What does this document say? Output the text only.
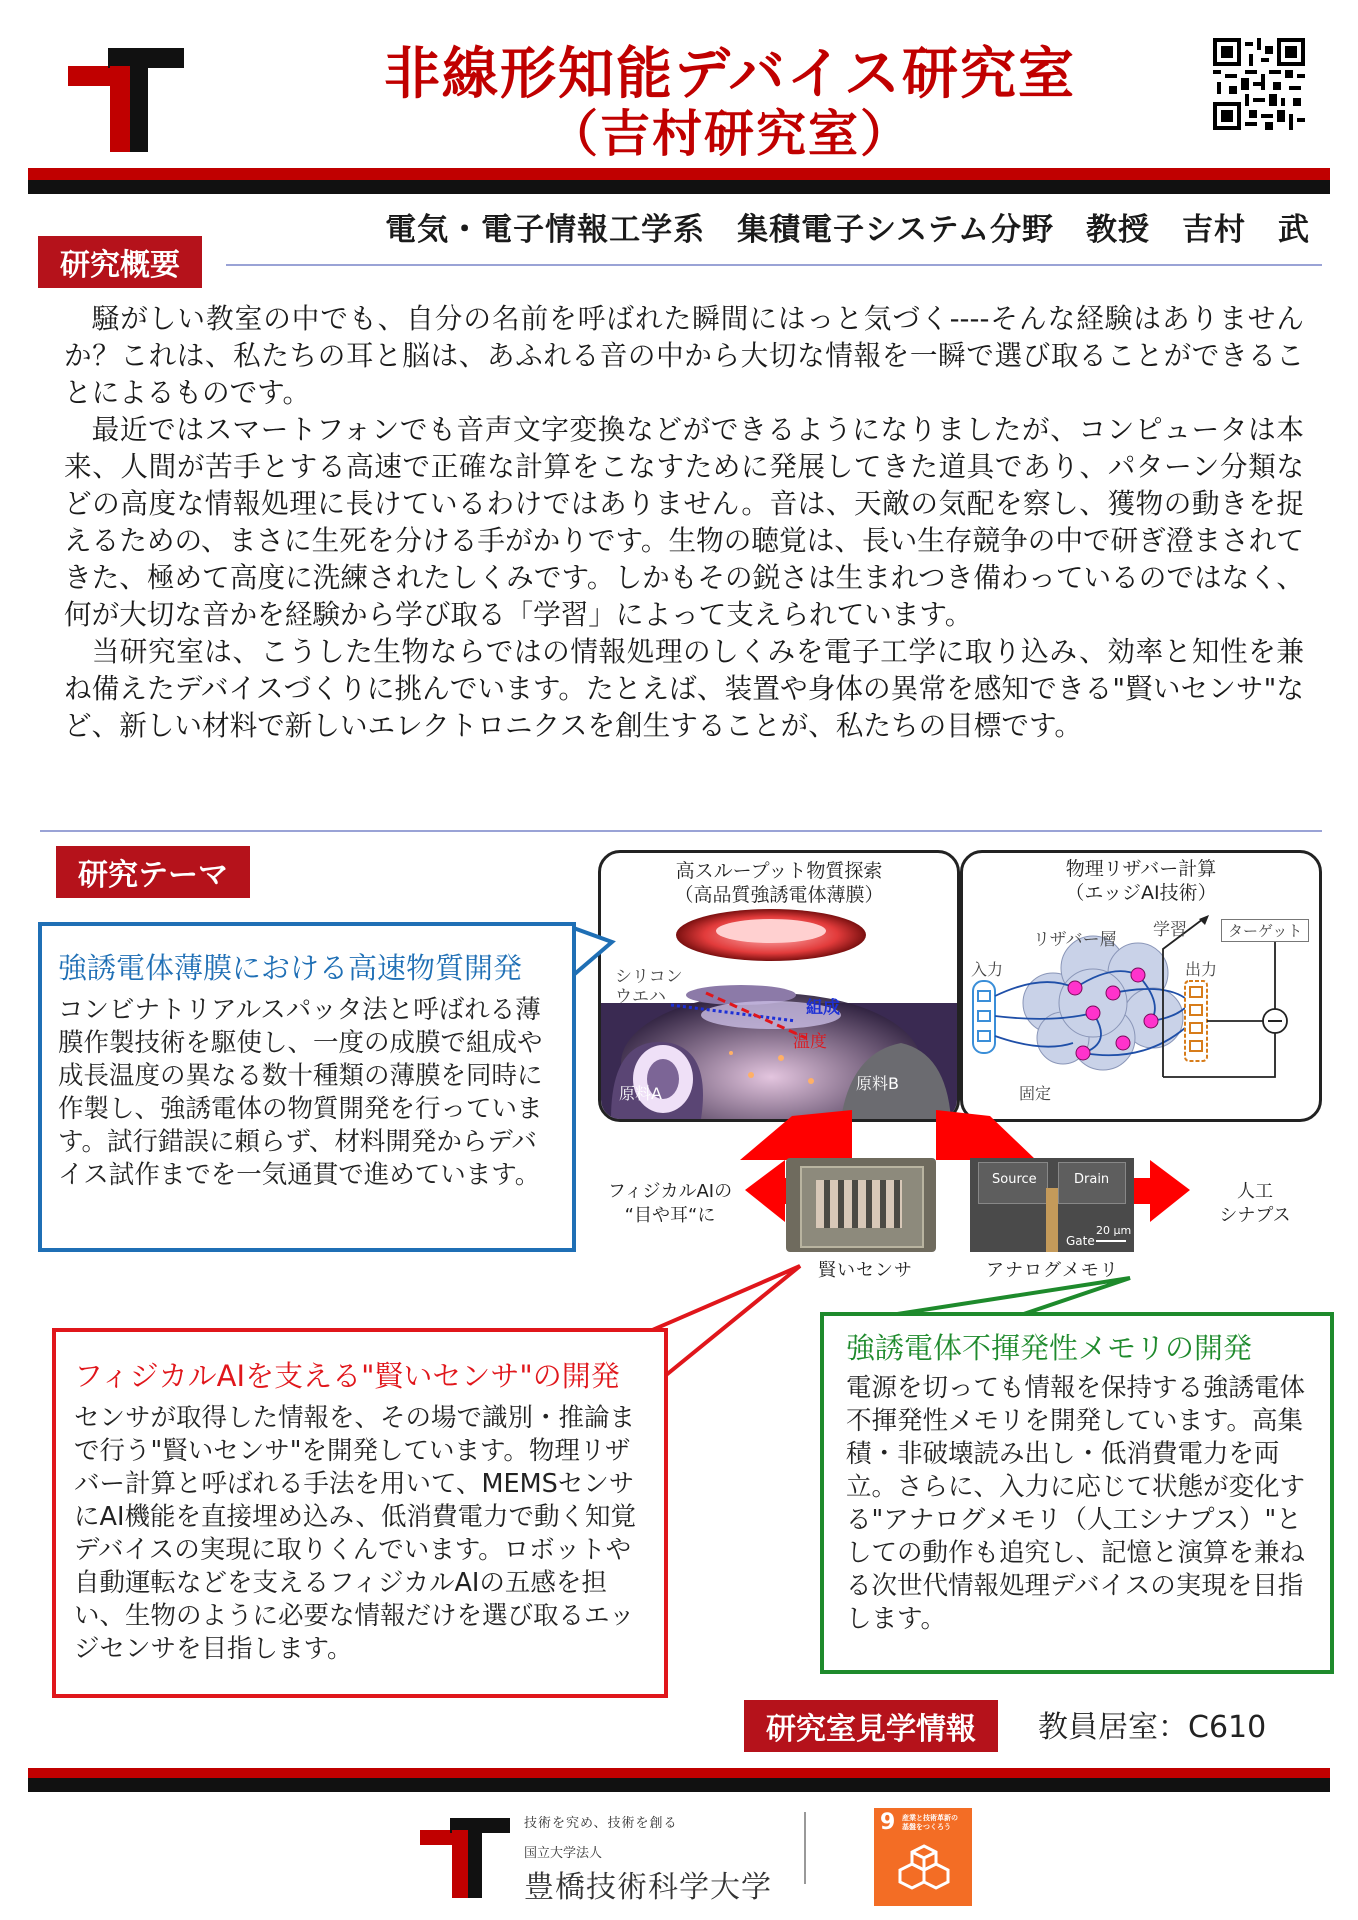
非線形知能デバイス研究室
（吉村研究室）
電気・電子情報工学系　集積電子システム分野　教授　吉村　武
研究概要

騒がしい教室の中でも、自分の名前を呼ばれた瞬間にはっと気づく----そんな経験はありませんか？これは、私たちの耳と脳は、あふれる音の中から大切な情報を一瞬で選び取ることができることによるものです。

最近ではスマートフォンでも音声文字変換などができるようになりましたが、コンピュータは本来、人間が苦手とする高速で正確な計算をこなすために発展してきた道具であり、パターン分類などの高度な情報処理に長けているわけではありません。音は、天敵の気配を察し、獲物の動きを捉えるための、まさに生死を分ける手がかりです。生物の聴覚は、長い生存競争の中で研ぎ澄まされてきた、極めて高度に洗練されたしくみです。しかもその鋭さは生まれつき備わっているのではなく、何が大切な音かを経験から学び取る「学習」によって支えられています。

当研究室は、こうした生物ならではの情報処理のしくみを電子工学に取り込み、効率と知性を兼ね備えたデバイスづくりに挑んでいます。たとえば、装置や身体の異常を感知できる"賢いセンサ"など、新しい材料で新しいエレクトロニクスを創生することが、私たちの目標です。

研究テーマ	高スループット物質探索
（高品質強誘電体薄膜）
シリコン
ウエハ
組成
温度
原料A
原料B
物理リザバー計算
（エッジAI技術）
リザバー層 学習	ターゲット
入力	出力
固定
Source	Drain
Gate
20 µm
フィジカルAIの
“目や耳“に
人工
シナプス
賢いセンサ	アナログメモリ
強誘電体薄膜における高速物質開発
コンビナトリアルスパッタ法と呼ばれる薄膜作製技術を駆使し、一度の成膜で組成や成長温度の異なる数十種類の薄膜を同時に作製し、強誘電体の物質開発を行っています。試行錯誤に頼らず、材料開発からデバイス試作までを一気通貫で進めています。
フィジカルAIを支える"賢いセンサ"の開発
センサが取得した情報を、その場で識別・推論まで行う"賢いセンサ"を開発しています。物理リザバー計算と呼ばれる手法を用いて、MEMSセンサにAI機能を直接埋め込み、低消費電力で動く知覚デバイスの実現に取りくんでいます。ロボットや自動運転などを支えるフィジカルAIの五感を担い、生物のように必要な情報だけを選び取るエッジセンサを目指します。
強誘電体不揮発性メモリの開発
電源を切っても情報を保持する強誘電体不揮発性メモリを開発しています。高集積・非破壊読み出し・低消費電力を両立。さらに、入力に応じて状態が変化する"アナログメモリ（人工シナプス）"としての動作も追究し、記憶と演算を兼ねる次世代情報処理デバイスの実現を目指します。
研究室見学情報	教員居室：C610
技術を究め、技術を創る
国立大学法人
豊橋技術科学大学
9 産業と技術革新の
基盤をつくろう
